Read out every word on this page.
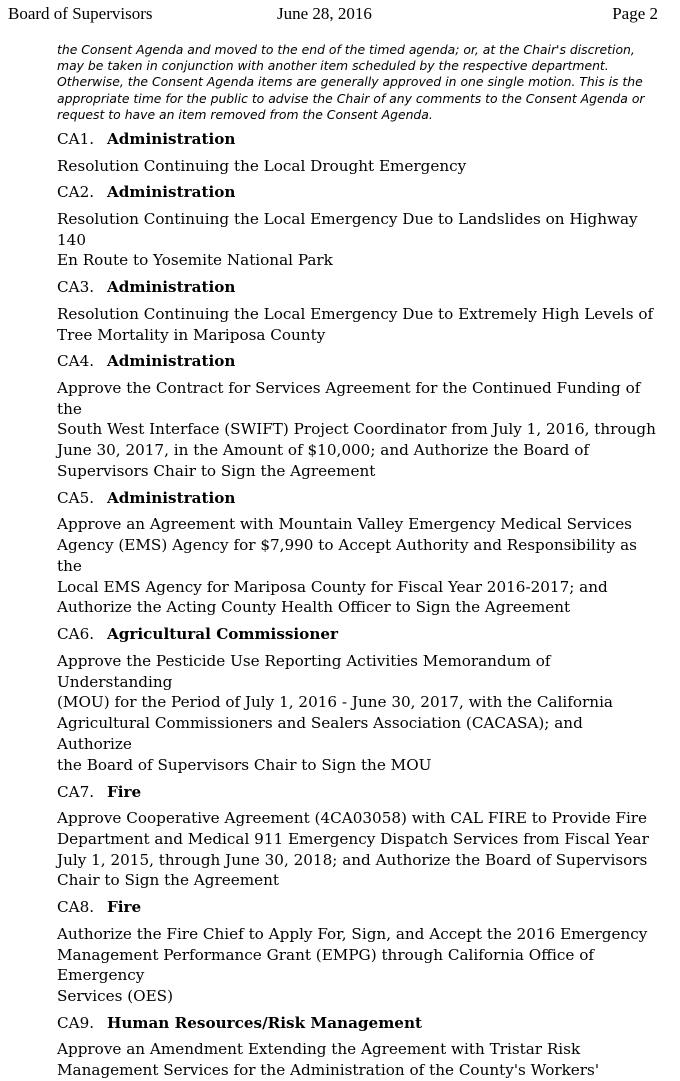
Board of Supervisors	June 28, 2016	Page 2

the Consent Agenda and moved to the end of the timed agenda; or, at the Chair's discretion,
may be taken in conjunction with another item scheduled by the respective department.
Otherwise, the Consent Agenda items are generally approved in one single motion. This is the
appropriate time for the public to advise the Chair of any comments to the Consent Agenda or
request to have an item removed from the Consent Agenda.

CA1. Administration

Resolution Continuing the Local Drought Emergency

CA2. Administration

Resolution Continuing the Local Emergency Due to Landslides on Highway 140
En Route to Yosemite National Park

CA3. Administration

Resolution Continuing the Local Emergency Due to Extremely High Levels of
Tree Mortality in Mariposa County

CA4. Administration

Approve the Contract for Services Agreement for the Continued Funding of the
South West Interface (SWIFT) Project Coordinator from July 1, 2016, through
June 30, 2017, in the Amount of $10,000; and Authorize the Board of
Supervisors Chair to Sign the Agreement

CA5. Administration

Approve an Agreement with Mountain Valley Emergency Medical Services
Agency (EMS) Agency for $7,990 to Accept Authority and Responsibility as the
Local EMS Agency for Mariposa County for Fiscal Year 2016-2017; and
Authorize the Acting County Health Officer to Sign the Agreement

CA6. Agricultural Commissioner

Approve the Pesticide Use Reporting Activities Memorandum of Understanding
(MOU) for the Period of July 1, 2016 - June 30, 2017, with the California
Agricultural Commissioners and Sealers Association (CACASA); and Authorize
the Board of Supervisors Chair to Sign the MOU

CA7. Fire

Approve Cooperative Agreement (4CA03058) with CAL FIRE to Provide Fire
Department and Medical 911 Emergency Dispatch Services from Fiscal Year
July 1, 2015, through June 30, 2018; and Authorize the Board of Supervisors
Chair to Sign the Agreement

CA8. Fire

Authorize the Fire Chief to Apply For, Sign, and Accept the 2016 Emergency
Management Performance Grant (EMPG) through California Office of Emergency
Services (OES)

CA9. Human Resources/Risk Management

Approve an Amendment Extending the Agreement with Tristar Risk
Management Services for the Administration of the County's Workers'
